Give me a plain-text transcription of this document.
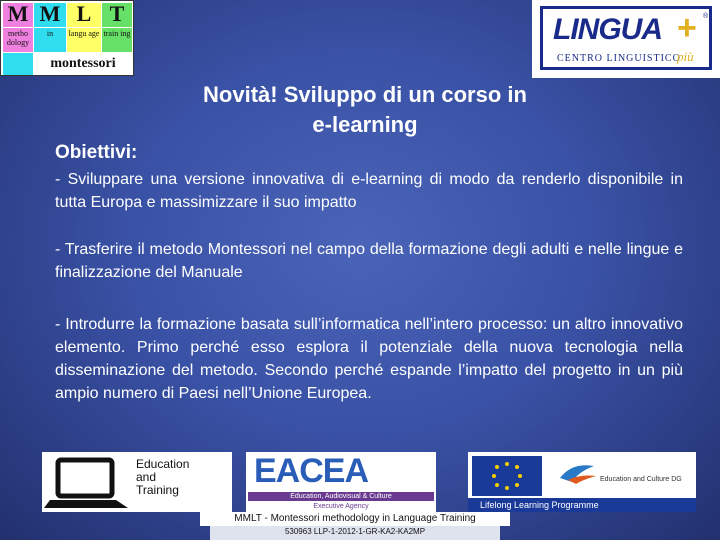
M M L T
metho dology
in	langu age train ing
montessori
LINGUA + ®
CENTRO LINGUISTICO
più
Novità! Sviluppo di un corso in e-learning
Obiettivi:
- Sviluppare una versione innovativa di e-learning di modo da renderlo disponibile in tutta Europa e massimizzare il suo impatto
- Trasferire il metodo Montessori nel campo della formazione degli adulti e nelle lingue e finalizzazione del Manuale
- Introdurre la formazione basata sull’informatica nell’intero processo: un altro innovativo elemento. Primo perché esso esplora il potenziale della nuova tecnologia nella disseminazione del metodo. Secondo perché espande l’impatto del progetto in un più ampio numero di Paesi nell’Unione Europea.
Education
and
Training	EACEA
Education, Audiovisual & Culture
Executive Agency
Education and Culture DG
Lifelong Learning Programme
MMLT - Montessori methodology in Language Training
530963 LLP-1-2012-1-GR-KA2-KA2MP
